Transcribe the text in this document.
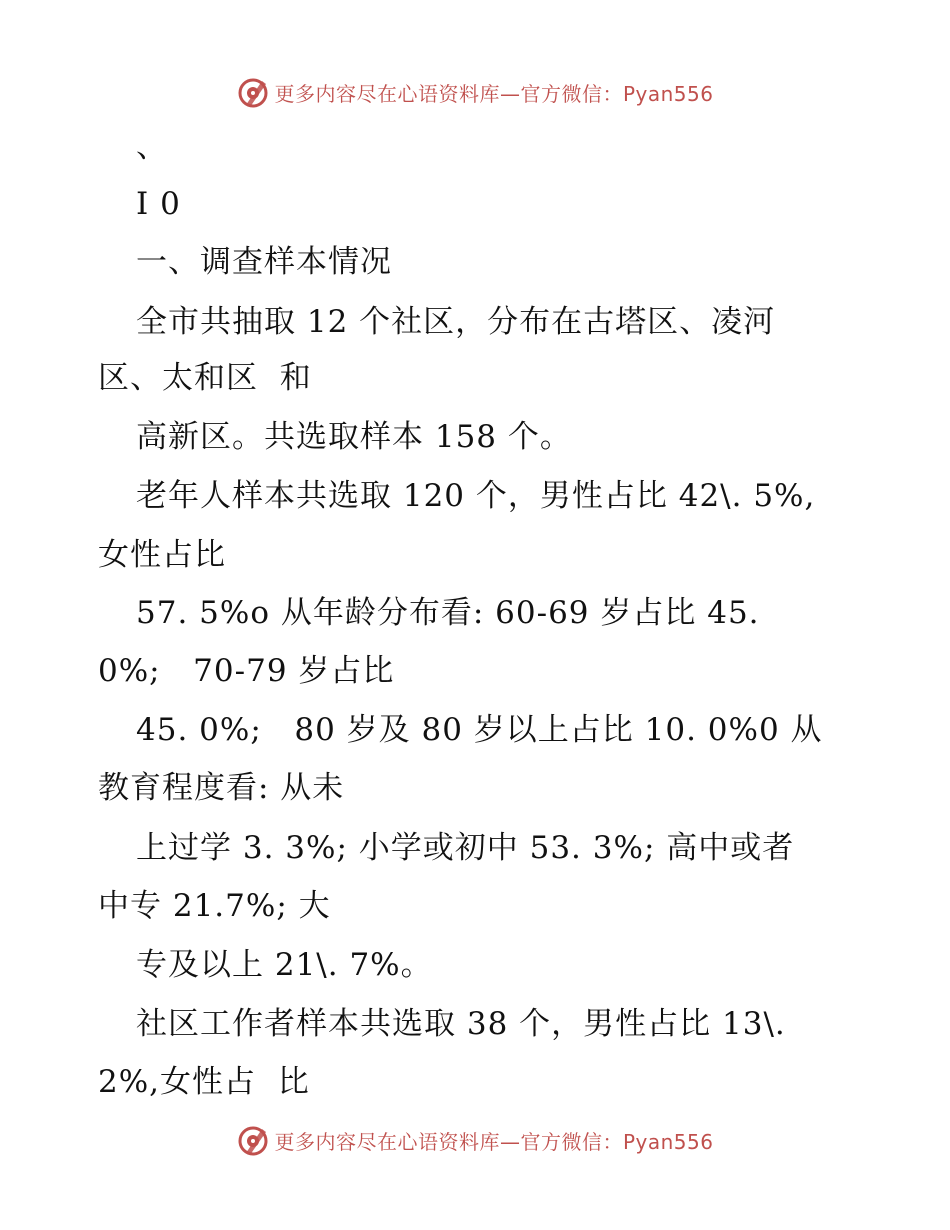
更多内容尽在心语资料库—官方微信：Pyan556
、
I 0
一、调查样本情况
全市共抽取 12 个社区，分布在古塔区、凌河
区、太和区  和
高新区。共选取样本 158 个。
老年人样本共选取 120 个，男性占比 42\. 5%,
女性占比
57. 5%o 从年龄分布看: 60-69 岁占比 45.
0%;   70-79 岁占比
45. 0%;   80 岁及 80 岁以上占比 10. 0%0 从
教育程度看: 从未
上过学 3. 3%; 小学或初中 53. 3%; 高中或者
中专 21.7%; 大
专及以上 21\. 7%。
社区工作者样本共选取 38 个，男性占比 13\.
2%,女性占  比
更多内容尽在心语资料库—官方微信：Pyan556
